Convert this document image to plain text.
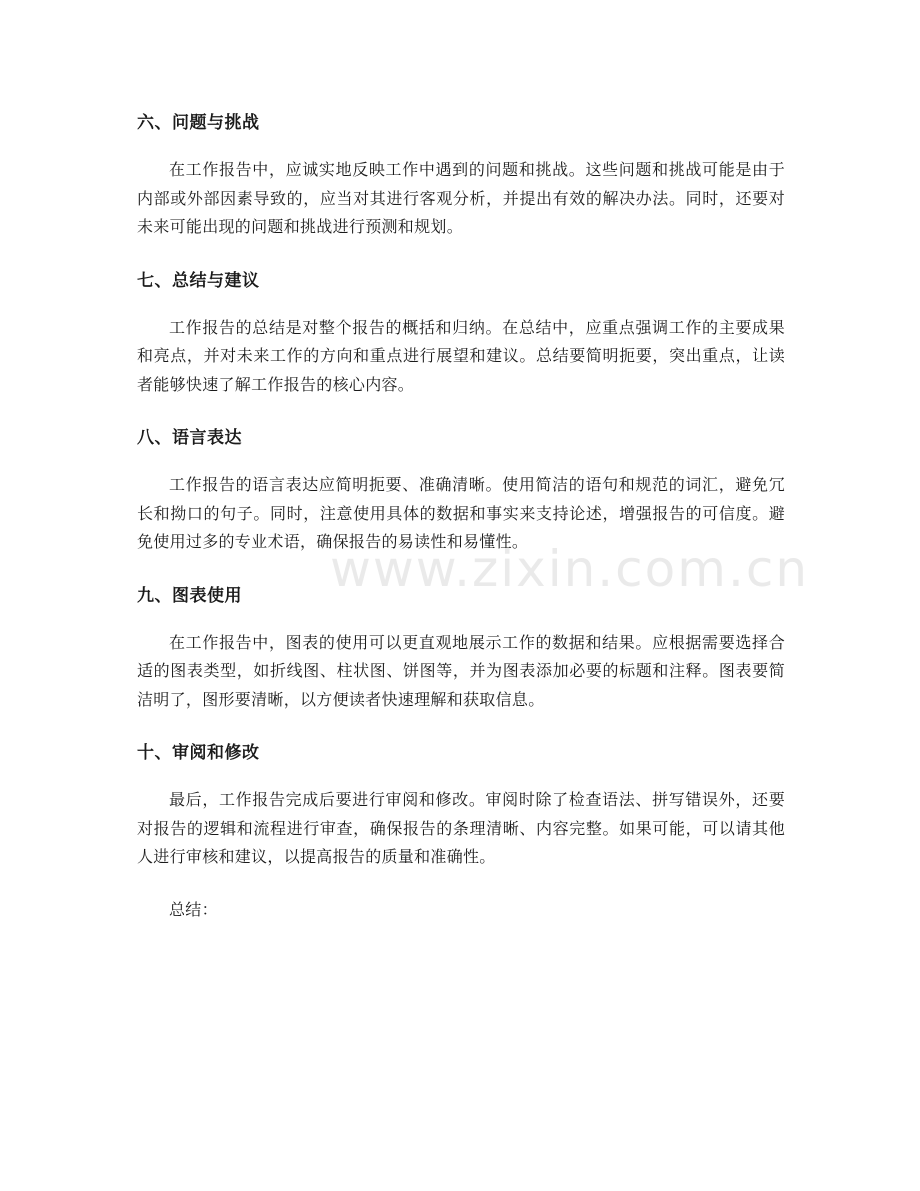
六、问题与挑战

在工作报告中，应诚实地反映工作中遇到的问题和挑战。这些问题和挑战可能是由于内部或外部因素导致的，应当对其进行客观分析，并提出有效的解决办法。同时，还要对未来可能出现的问题和挑战进行预测和规划。

七、总结与建议

工作报告的总结是对整个报告的概括和归纳。在总结中，应重点强调工作的主要成果和亮点，并对未来工作的方向和重点进行展望和建议。总结要简明扼要，突出重点，让读者能够快速了解工作报告的核心内容。

八、语言表达

工作报告的语言表达应简明扼要、准确清晰。使用简洁的语句和规范的词汇，避免冗长和拗口的句子。同时，注意使用具体的数据和事实来支持论述，增强报告的可信度。避免使用过多的专业术语，确保报告的易读性和易懂性。

九、图表使用

在工作报告中，图表的使用可以更直观地展示工作的数据和结果。应根据需要选择合适的图表类型，如折线图、柱状图、饼图等，并为图表添加必要的标题和注释。图表要简洁明了，图形要清晰，以方便读者快速理解和获取信息。

十、审阅和修改

最后，工作报告完成后要进行审阅和修改。审阅时除了检查语法、拼写错误外，还要对报告的逻辑和流程进行审查，确保报告的条理清晰、内容完整。如果可能，可以请其他人进行审核和建议，以提高报告的质量和准确性。

总结：

www.zixin.com.cn
